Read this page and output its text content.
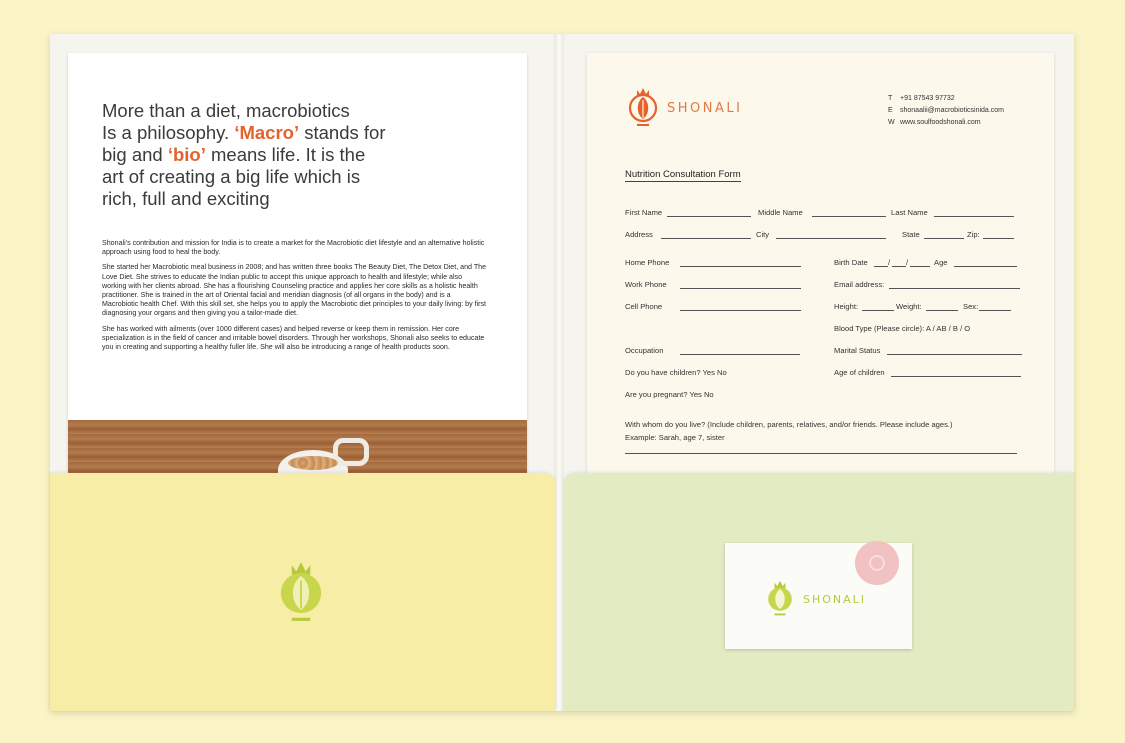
More than a diet, macrobiotics
Is a philosophy. ‘Macro’ stands for
big and ‘bio’ means life. It is the
art of creating a big life which is
rich, full and exciting

Shonali’s contribution and mission for India is to create a market for the Macrobiotic diet lifestyle and an alternative holistic approach using food to heal the body.

She started her Macrobiotic meal business in 2008; and has written three books The Beauty Diet, The Detox Diet, and The Love Diet. She strives to educate the Indian public to accept this unique approach to health and lifestyle; while also working with her clients abroad. She has a flourishing Counseling practice and applies her core skills as a holistic health practitioner. She is trained in the art of Oriental facial and meridian diagnosis (of all organs in the body) and is a Macrobiotic health Chef. With this skill set, she helps you to apply the Macrobiotic diet principles to your daily living: by first diagnosing your organs and then giving you a tailor-made diet.

She has worked with ailments (over 1000 different cases) and helped reverse or keep them in remission. Her core specialization is in the field of cancer and irritable bowel disorders. Through her workshops, Shonali also seeks to educate you in creating and supporting a healthy fuller life. She will also be introducing a range of health products soon.

SHONALI
T +91 87543 97732
E shonaalii@macrobioticsinida.com
W www.soulfoodshonali.com
Nutrition Consultation Form
First Name	Middle Name	Last Name
Address	City	State	Zip:
Home Phone	Birth Date	/ /	Age
Work Phone	Email address:
Cell Phone	Height:	Weight:	Sex:
Blood Type (Please circle): A / AB / B / O
Occupation	Marital Status
Do you have children? Yes No	Age of children
Are you pregnant? Yes No
With whom do you live? (Include children, parents, relatives, and/or friends. Please include ages.)
Example: Sarah, age 7, sister
SHONALI
